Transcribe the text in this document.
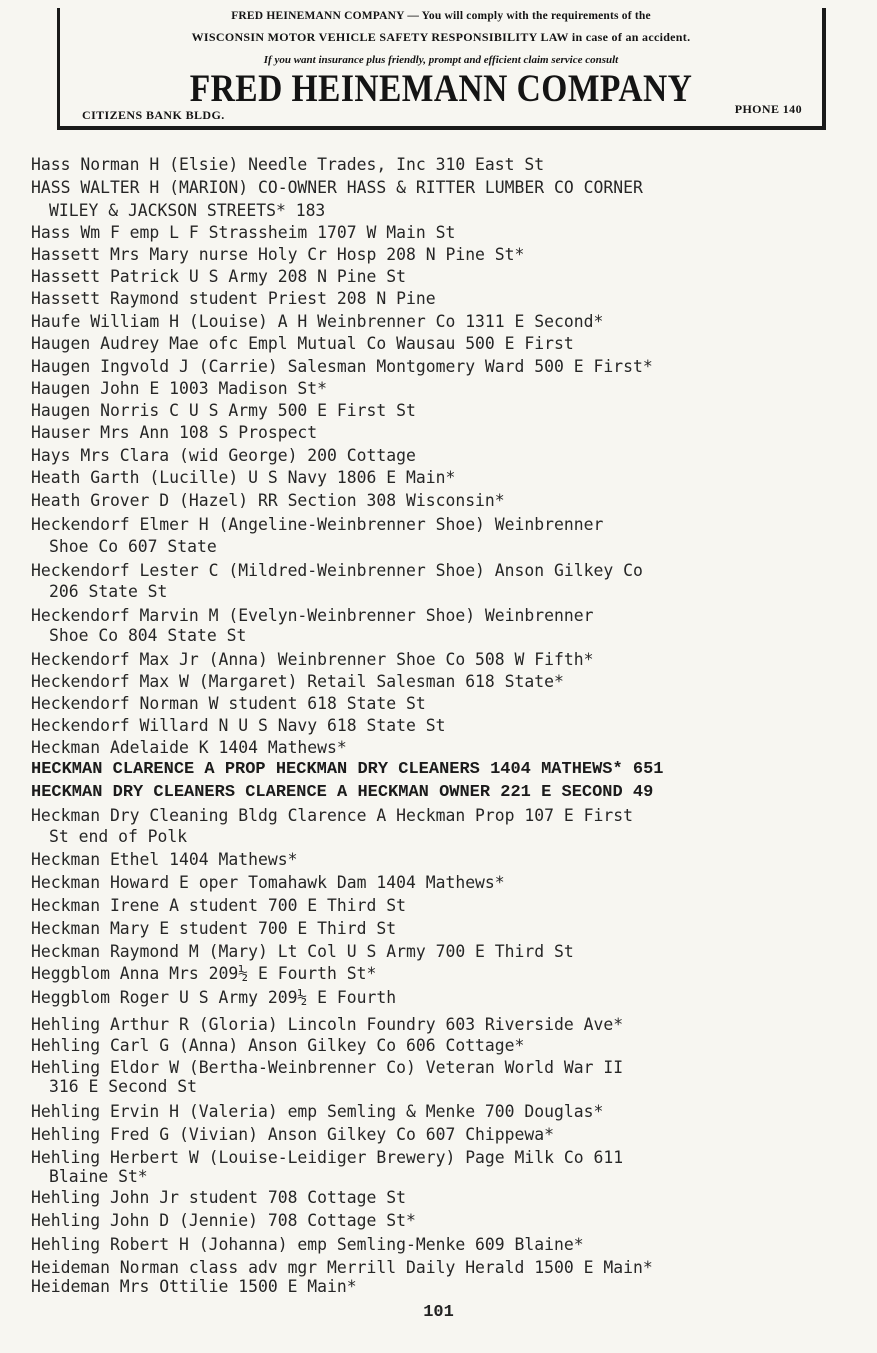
FRED HEINEMANN COMPANY — You will comply with the requirements of the
WISCONSIN MOTOR VEHICLE SAFETY RESPONSIBILITY LAW in case of an accident.
If you want insurance plus friendly, prompt and efficient claim service consult
FRED HEINEMANN COMPANY
CITIZENS BANK BLDG.	PHONE 140
Hass Norman H (Elsie) Needle Trades, Inc 310 East St
HASS WALTER H (MARION) CO-OWNER HASS & RITTER LUMBER CO CORNER
WILEY & JACKSON STREETS* 183
Hass Wm F emp L F Strassheim 1707 W Main St
Hassett Mrs Mary nurse Holy Cr Hosp 208 N Pine St*
Hassett Patrick U S Army 208 N Pine St
Hassett Raymond student Priest 208 N Pine
Haufe William H (Louise) A H Weinbrenner Co 1311 E Second*
Haugen Audrey Mae ofc Empl Mutual Co Wausau 500 E First
Haugen Ingvold J (Carrie) Salesman Montgomery Ward 500 E First*
Haugen John E 1003 Madison St*
Haugen Norris C U S Army 500 E First St
Hauser Mrs Ann 108 S Prospect
Hays Mrs Clara (wid George) 200 Cottage
Heath Garth (Lucille) U S Navy 1806 E Main*
Heath Grover D (Hazel) RR Section 308 Wisconsin*
Heckendorf Elmer H (Angeline-Weinbrenner Shoe) Weinbrenner
Shoe Co 607 State
Heckendorf Lester C (Mildred-Weinbrenner Shoe) Anson Gilkey Co
206 State St
Heckendorf Marvin M (Evelyn-Weinbrenner Shoe) Weinbrenner
Shoe Co 804 State St
Heckendorf Max Jr (Anna) Weinbrenner Shoe Co 508 W Fifth*
Heckendorf Max W (Margaret) Retail Salesman 618 State*
Heckendorf Norman W student 618 State St
Heckendorf Willard N U S Navy 618 State St
Heckman Adelaide K 1404 Mathews*
HECKMAN CLARENCE A PROP HECKMAN DRY CLEANERS 1404 MATHEWS* 651
HECKMAN DRY CLEANERS CLARENCE A HECKMAN OWNER 221 E SECOND 49
Heckman Dry Cleaning Bldg Clarence A Heckman Prop 107 E First
St end of Polk
Heckman Ethel 1404 Mathews*
Heckman Howard E oper Tomahawk Dam 1404 Mathews*
Heckman Irene A student 700 E Third St
Heckman Mary E student 700 E Third St
Heckman Raymond M (Mary) Lt Col U S Army 700 E Third St
Heggblom Anna Mrs 209½ E Fourth St*
Heggblom Roger U S Army 209½ E Fourth
Hehling Arthur R (Gloria) Lincoln Foundry 603 Riverside Ave*
Hehling Carl G (Anna) Anson Gilkey Co 606 Cottage*
Hehling Eldor W (Bertha-Weinbrenner Co) Veteran World War II
316 E Second St
Hehling Ervin H (Valeria) emp Semling & Menke 700 Douglas*
Hehling Fred G (Vivian) Anson Gilkey Co 607 Chippewa*
Hehling Herbert W (Louise-Leidiger Brewery) Page Milk Co 611
Blaine St*
Hehling John Jr student 708 Cottage St
Hehling John D (Jennie) 708 Cottage St*
Hehling Robert H (Johanna) emp Semling-Menke 609 Blaine*
Heideman Norman class adv mgr Merrill Daily Herald 1500 E Main*
Heideman Mrs Ottilie 1500 E Main*
101
